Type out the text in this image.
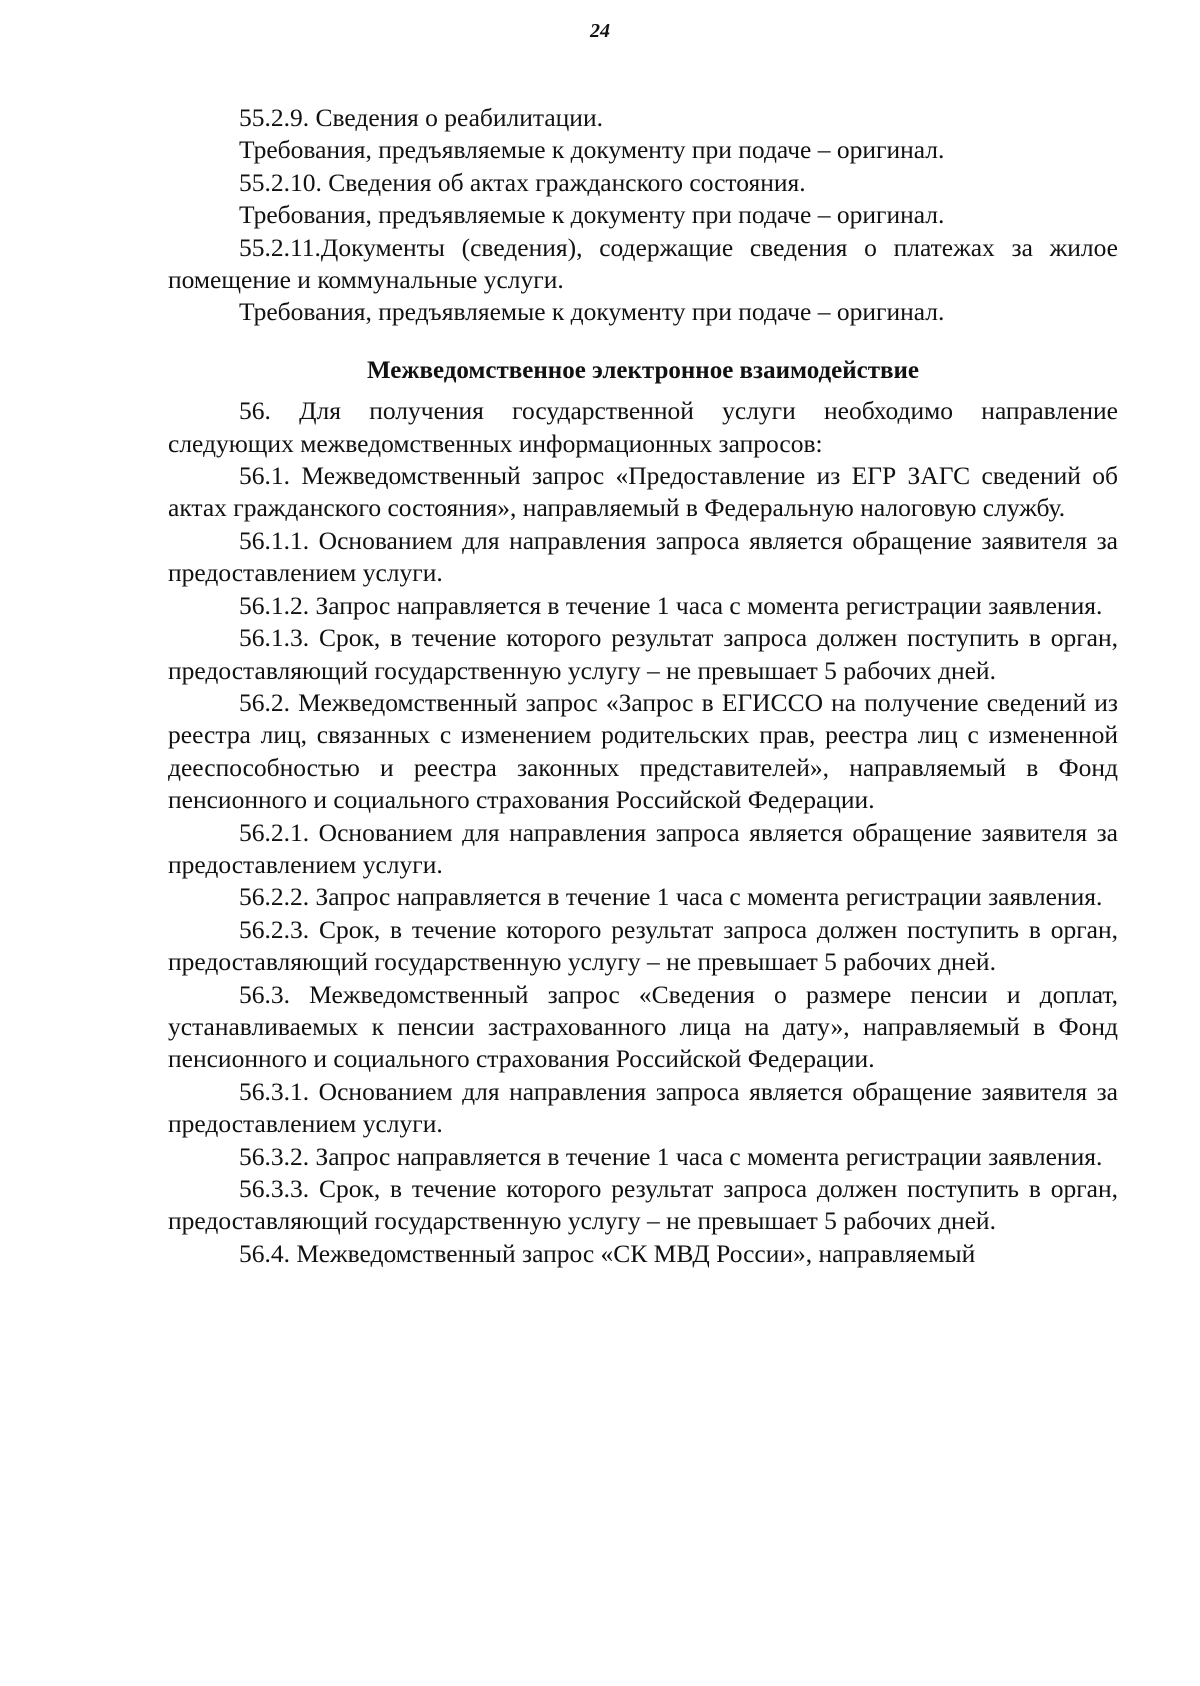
24

55.2.9. Сведения о реабилитации.

Требования, предъявляемые к документу при подаче – оригинал.

55.2.10. Сведения об актах гражданского состояния.

Требования, предъявляемые к документу при подаче – оригинал.

55.2.11.Документы (сведения), содержащие сведения о платежах за жилое помещение и коммунальные услуги.

Требования, предъявляемые к документу при подаче – оригинал.

Межведомственное электронное взаимодействие

56. Для получения государственной услуги необходимо направление следующих межведомственных информационных запросов:

56.1. Межведомственный запрос «Предоставление из ЕГР ЗАГС сведений об актах гражданского состояния», направляемый в Федеральную налоговую службу.

56.1.1. Основанием для направления запроса является обращение заявителя за предоставлением услуги.

56.1.2. Запрос направляется в течение 1 часа с момента регистрации заявления.

56.1.3. Срок, в течение которого результат запроса должен поступить в орган, предоставляющий государственную услугу – не превышает 5 рабочих дней.

56.2. Межведомственный запрос «Запрос в ЕГИССО на получение сведений из реестра лиц, связанных с изменением родительских прав, реестра лиц с измененной дееспособностью и реестра законных представителей», направляемый в Фонд пенсионного и социального страхования Российской Федерации.

56.2.1. Основанием для направления запроса является обращение заявителя за предоставлением услуги.

56.2.2. Запрос направляется в течение 1 часа с момента регистрации заявления.

56.2.3. Срок, в течение которого результат запроса должен поступить в орган, предоставляющий государственную услугу – не превышает 5 рабочих дней.

56.3. Межведомственный запрос «Сведения о размере пенсии и доплат, устанавливаемых к пенсии застрахованного лица на дату», направляемый в Фонд пенсионного и социального страхования Российской Федерации.

56.3.1. Основанием для направления запроса является обращение заявителя за предоставлением услуги.

56.3.2. Запрос направляется в течение 1 часа с момента регистрации заявления.

56.3.3. Срок, в течение которого результат запроса должен поступить в орган, предоставляющий государственную услугу – не превышает 5 рабочих дней.

56.4. Межведомственный запрос «СК МВД России», направляемый
